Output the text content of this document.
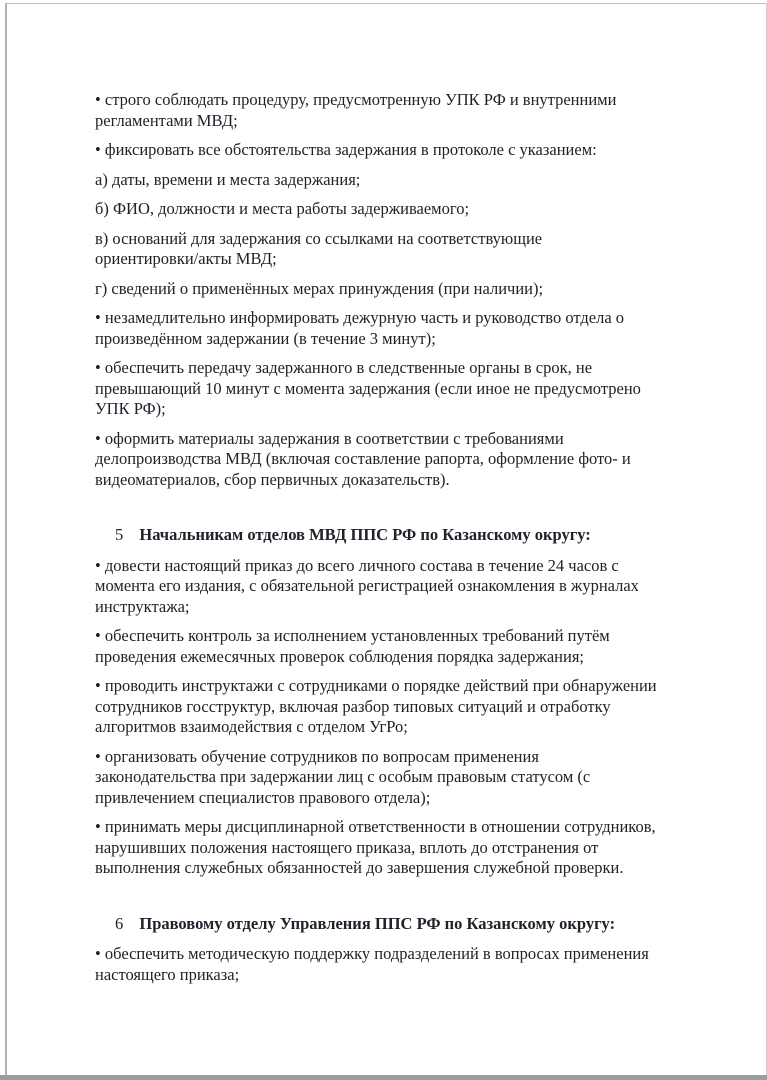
• строго соблюдать процедуру, предусмотренную УПК РФ и внутренними
регламентами МВД;

• фиксировать все обстоятельства задержания в протоколе с указанием:

а) даты, времени и места задержания;

б) ФИО, должности и места работы задерживаемого;

в) оснований для задержания со ссылками на соответствующие
ориентировки/акты МВД;

г) сведений о применённых мерах принуждения (при наличии);

• незамедлительно информировать дежурную часть и руководство отдела о
произведённом задержании (в течение 3 минут);

• обеспечить передачу задержанного в следственные органы в срок, не
превышающий 10 минут с момента задержания (если иное не предусмотрено
УПК РФ);

• оформить материалы задержания в соответствии с требованиями
делопроизводства МВД (включая составление рапорта, оформление фото- и
видеоматериалов, сбор первичных доказательств).

5 Начальникам отделов МВД ППС РФ по Казанскому округу:

• довести настоящий приказ до всего личного состава в течение 24 часов с
момента его издания, с обязательной регистрацией ознакомления в журналах
инструктажа;

• обеспечить контроль за исполнением установленных требований путём
проведения ежемесячных проверок соблюдения порядка задержания;

• проводить инструктажи с сотрудниками о порядке действий при обнаружении
сотрудников госструктур, включая разбор типовых ситуаций и отработку
алгоритмов взаимодействия с отделом УгРо;

• организовать обучение сотрудников по вопросам применения
законодательства при задержании лиц с особым правовым статусом (с
привлечением специалистов правового отдела);

• принимать меры дисциплинарной ответственности в отношении сотрудников,
нарушивших положения настоящего приказа, вплоть до отстранения от
выполнения служебных обязанностей до завершения служебной проверки.

6 Правовому отделу Управления ППС РФ по Казанскому округу:

• обеспечить методическую поддержку подразделений в вопросах применения
настоящего приказа;
